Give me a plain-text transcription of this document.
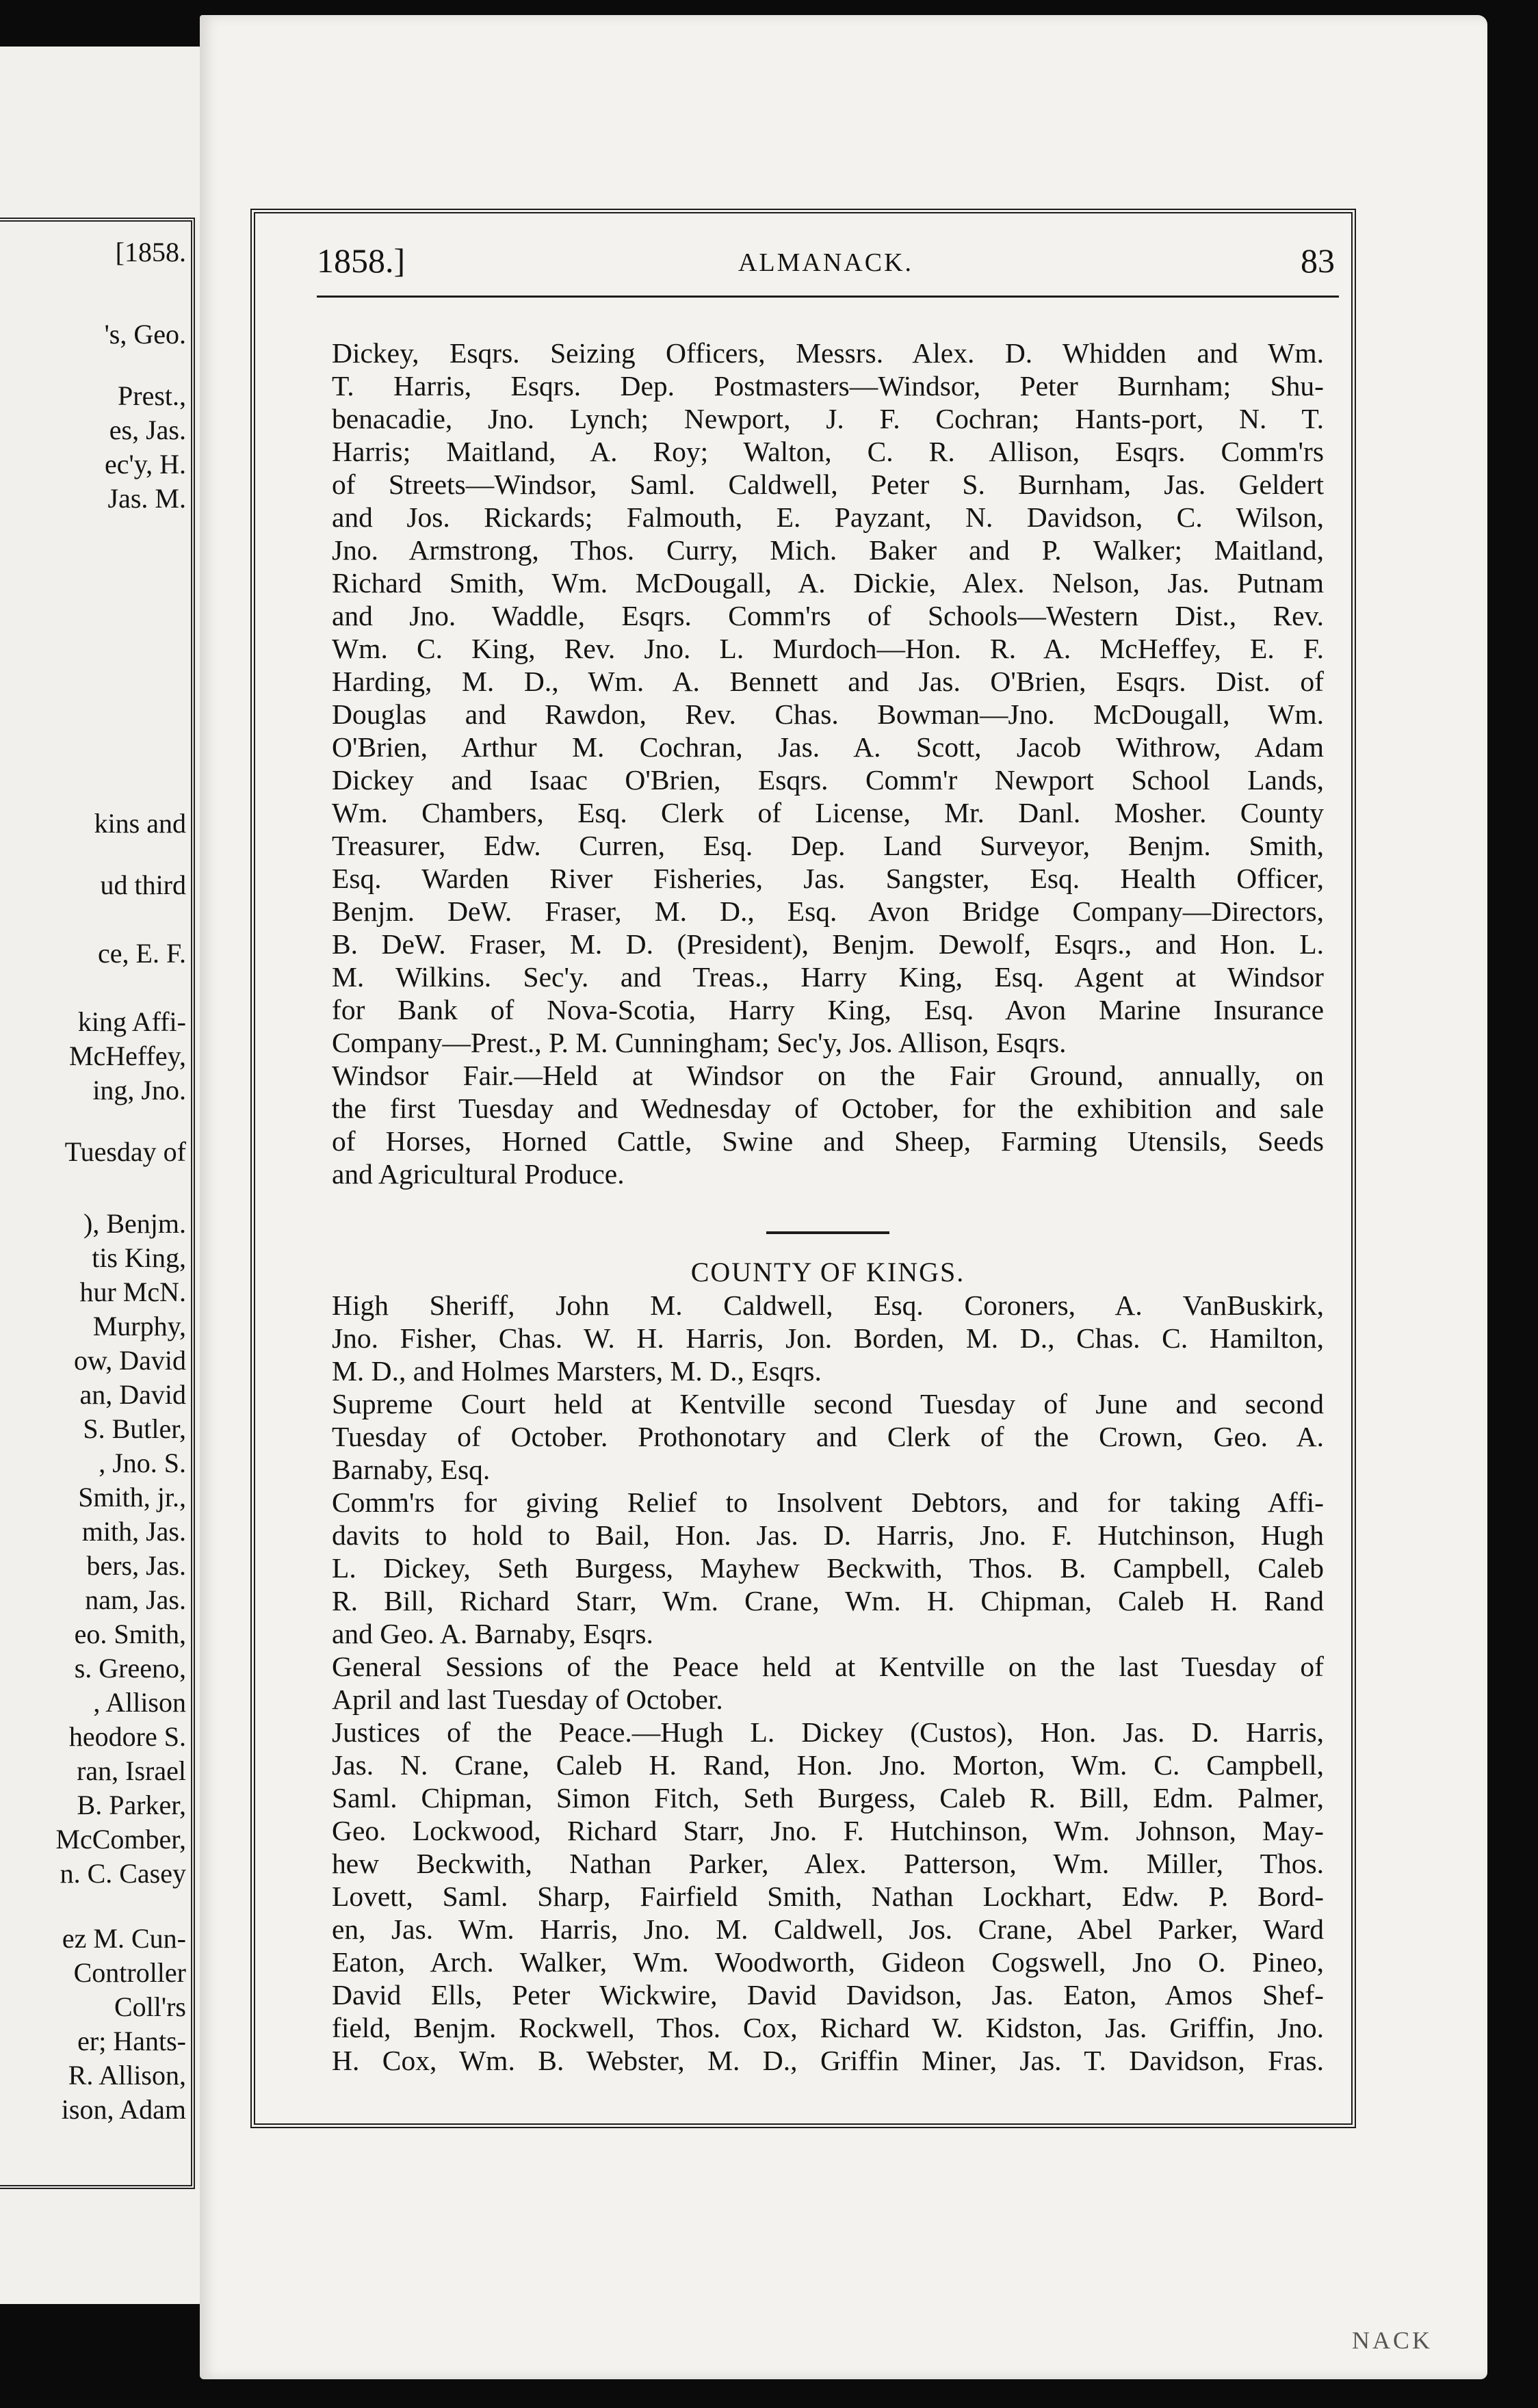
[1858.
's, Geo.
Prest.,
es, Jas.
ec'y, H.
Jas. M.
kins and
ud third
ce, E. F.
king Affi-
McHeffey,
ing, Jno.
Tuesday of
), Benjm.
tis King,
hur McN.
Murphy,
ow, David
an, David
S. Butler,
, Jno. S.
Smith, jr.,
mith, Jas.
bers, Jas.
nam, Jas.
eo. Smith,
s. Greeno,
, Allison
heodore S.
ran, Israel
B. Parker,
McComber,
n. C. Casey
ez M. Cun-
Controller
Coll'rs
er; Hants-
R. Allison,
ison, Adam
1858.]	ALMANACK.	83
Dickey, Esqrs. Seizing Officers, Messrs. Alex. D. Whidden and Wm.
T. Harris, Esqrs. Dep. Postmasters—Windsor, Peter Burnham; Shu-
benacadie, Jno. Lynch; Newport, J. F. Cochran; Hants-port, N. T.
Harris; Maitland, A. Roy; Walton, C. R. Allison, Esqrs. Comm'rs
of Streets—Windsor, Saml. Caldwell, Peter S. Burnham, Jas. Geldert
and Jos. Rickards; Falmouth, E. Payzant, N. Davidson, C. Wilson,
Jno. Armstrong, Thos. Curry, Mich. Baker and P. Walker; Maitland,
Richard Smith, Wm. McDougall, A. Dickie, Alex. Nelson, Jas. Putnam
and Jno. Waddle, Esqrs. Comm'rs of Schools—Western Dist., Rev.
Wm. C. King, Rev. Jno. L. Murdoch—Hon. R. A. McHeffey, E. F.
Harding, M. D., Wm. A. Bennett and Jas. O'Brien, Esqrs. Dist. of
Douglas and Rawdon, Rev. Chas. Bowman—Jno. McDougall, Wm.
O'Brien, Arthur M. Cochran, Jas. A. Scott, Jacob Withrow, Adam
Dickey and Isaac O'Brien, Esqrs. Comm'r Newport School Lands,
Wm. Chambers, Esq. Clerk of License, Mr. Danl. Mosher. County
Treasurer, Edw. Curren, Esq. Dep. Land Surveyor, Benjm. Smith,
Esq. Warden River Fisheries, Jas. Sangster, Esq. Health Officer,
Benjm. DeW. Fraser, M. D., Esq. Avon Bridge Company—Directors,
B. DeW. Fraser, M. D. (President), Benjm. Dewolf, Esqrs., and Hon. L.
M. Wilkins. Sec'y. and Treas., Harry King, Esq. Agent at Windsor
for Bank of Nova-Scotia, Harry King, Esq. Avon Marine Insurance
Company—Prest., P. M. Cunningham; Sec'y, Jos. Allison, Esqrs.
Windsor Fair.—Held at Windsor on the Fair Ground, annually, on
the first Tuesday and Wednesday of October, for the exhibition and sale
of Horses, Horned Cattle, Swine and Sheep, Farming Utensils, Seeds
and Agricultural Produce.
COUNTY OF KINGS.
High Sheriff, John M. Caldwell, Esq. Coroners, A. VanBuskirk,
Jno. Fisher, Chas. W. H. Harris, Jon. Borden, M. D., Chas. C. Hamilton,
M. D., and Holmes Marsters, M. D., Esqrs.
Supreme Court held at Kentville second Tuesday of June and second
Tuesday of October. Prothonotary and Clerk of the Crown, Geo. A.
Barnaby, Esq.
Comm'rs for giving Relief to Insolvent Debtors, and for taking Affi-
davits to hold to Bail, Hon. Jas. D. Harris, Jno. F. Hutchinson, Hugh
L. Dickey, Seth Burgess, Mayhew Beckwith, Thos. B. Campbell, Caleb
R. Bill, Richard Starr, Wm. Crane, Wm. H. Chipman, Caleb H. Rand
and Geo. A. Barnaby, Esqrs.
General Sessions of the Peace held at Kentville on the last Tuesday of
April and last Tuesday of October.
Justices of the Peace.—Hugh L. Dickey (Custos), Hon. Jas. D. Harris,
Jas. N. Crane, Caleb H. Rand, Hon. Jno. Morton, Wm. C. Campbell,
Saml. Chipman, Simon Fitch, Seth Burgess, Caleb R. Bill, Edm. Palmer,
Geo. Lockwood, Richard Starr, Jno. F. Hutchinson, Wm. Johnson, May-
hew Beckwith, Nathan Parker, Alex. Patterson, Wm. Miller, Thos.
Lovett, Saml. Sharp, Fairfield Smith, Nathan Lockhart, Edw. P. Bord-
en, Jas. Wm. Harris, Jno. M. Caldwell, Jos. Crane, Abel Parker, Ward
Eaton, Arch. Walker, Wm. Woodworth, Gideon Cogswell, Jno O. Pineo,
David Ells, Peter Wickwire, David Davidson, Jas. Eaton, Amos Shef-
field, Benjm. Rockwell, Thos. Cox, Richard W. Kidston, Jas. Griffin, Jno.
H. Cox, Wm. B. Webster, M. D., Griffin Miner, Jas. T. Davidson, Fras.
NACK
